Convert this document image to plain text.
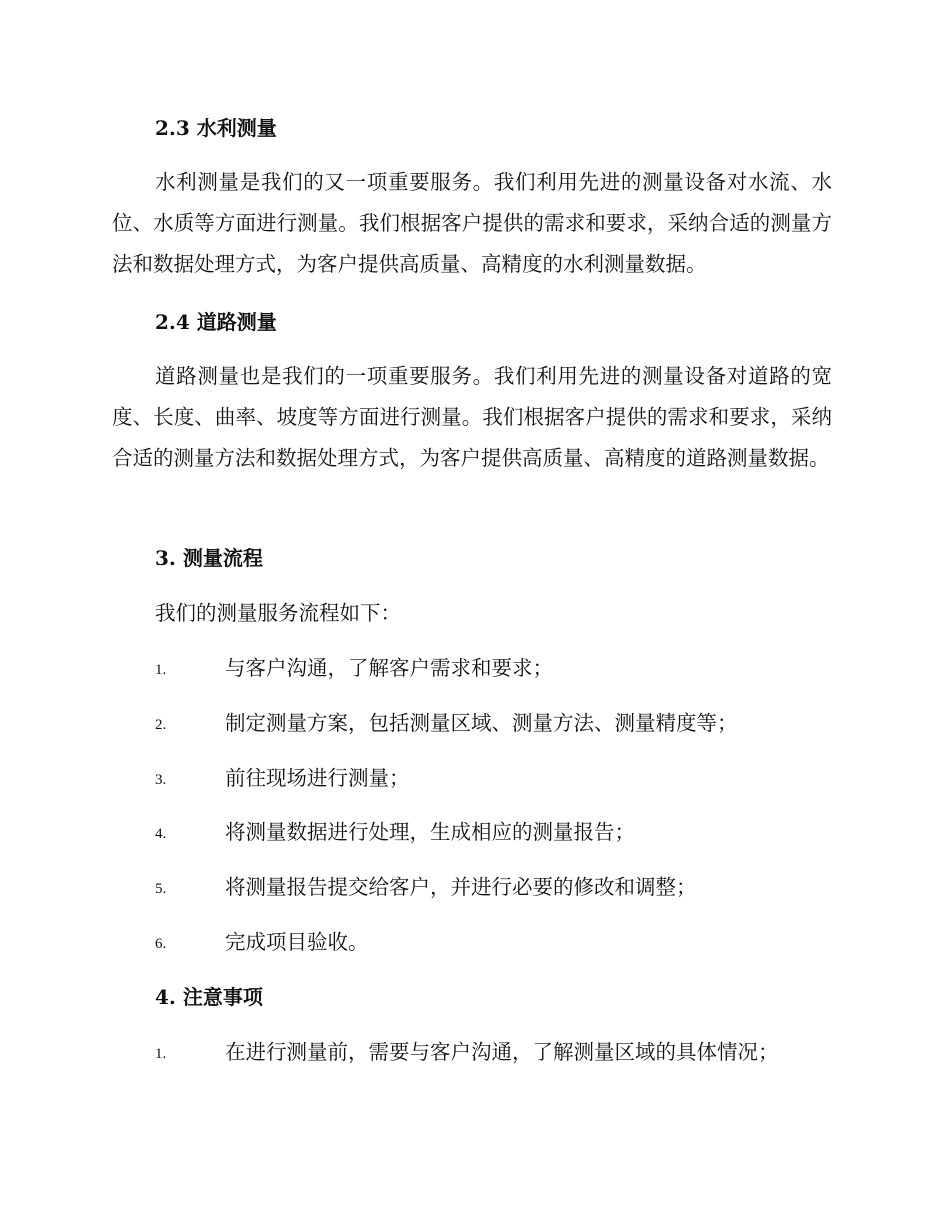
2.3 水利测量

水利测量是我们的又一项重要服务。我们利用先进的测量设备对水流、水位、水质等方面进行测量。我们根据客户提供的需求和要求，采纳合适的测量方法和数据处理方式，为客户提供高质量、高精度的水利测量数据。

2.4 道路测量

道路测量也是我们的一项重要服务。我们利用先进的测量设备对道路的宽度、长度、曲率、坡度等方面进行测量。我们根据客户提供的需求和要求，采纳合适的测量方法和数据处理方式，为客户提供高质量、高精度的道路测量数据。

3. 测量流程
我们的测量服务流程如下：
1.	与客户沟通，了解客户需求和要求；
2.	制定测量方案，包括测量区域、测量方法、测量精度等；
3.	前往现场进行测量；
4.	将测量数据进行处理，生成相应的测量报告；
5.	将测量报告提交给客户，并进行必要的修改和调整；
6.	完成项目验收。
4. 注意事项
1.	在进行测量前，需要与客户沟通，了解测量区域的具体情况；
